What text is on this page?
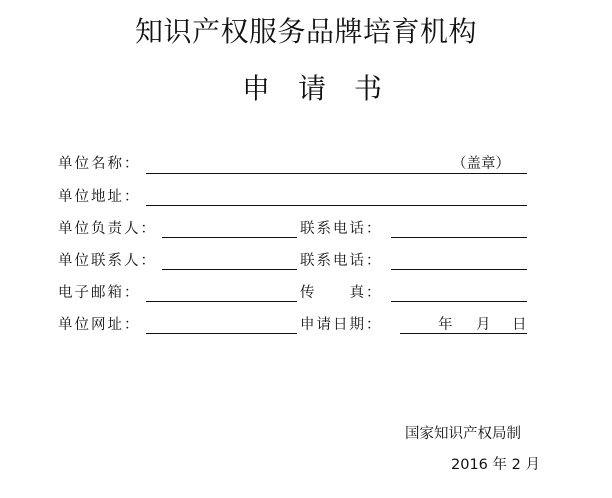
知识产权服务品牌培育机构
申　请　书
单位名称：	（盖章）
单位地址：
单位负责人：	联系电话：
单位联系人：	联系电话：
电子邮箱：	传　　真：
单位网址：	申请日期：	年 月 日
国家知识产权局制
2016 年 2 月
